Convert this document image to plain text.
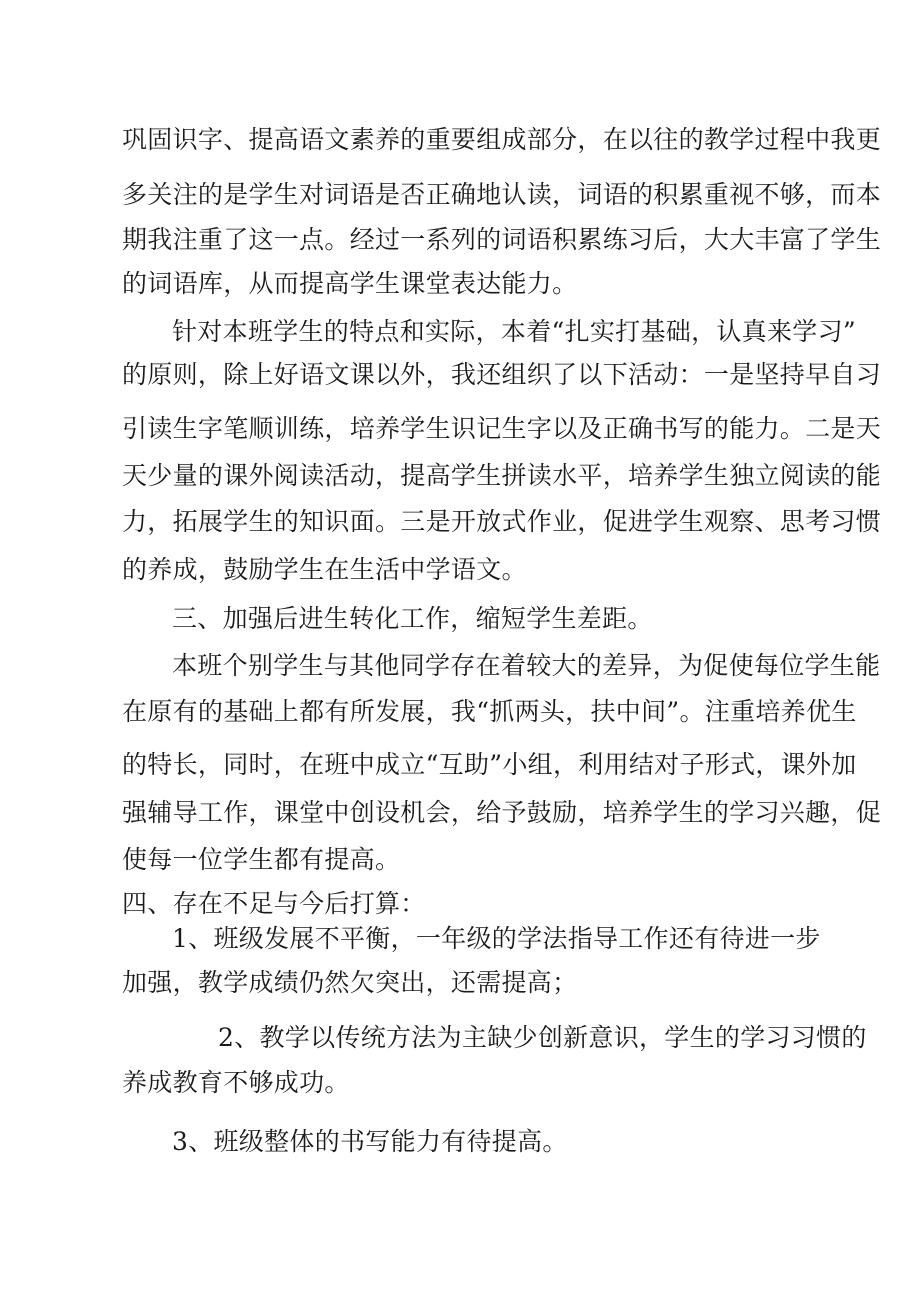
巩固识字、提高语文素养的重要组成部分，在以往的教学过程中我更
多关注的是学生对词语是否正确地认读，词语的积累重视不够，而本
期我注重了这一点。经过一系列的词语积累练习后，大大丰富了学生
的词语库，从而提高学生课堂表达能力。
针对本班学生的特点和实际，本着“扎实打基础，认真来学习”
的原则，除上好语文课以外，我还组织了以下活动：一是坚持早自习
引读生字笔顺训练，培养学生识记生字以及正确书写的能力。二是天
天少量的课外阅读活动，提高学生拼读水平，培养学生独立阅读的能
力，拓展学生的知识面。三是开放式作业，促进学生观察、思考习惯
的养成，鼓励学生在生活中学语文。
三、加强后进生转化工作，缩短学生差距。
本班个别学生与其他同学存在着较大的差异，为促使每位学生能
在原有的基础上都有所发展，我“抓两头，扶中间”。注重培养优生
的特长，同时，在班中成立“互助”小组，利用结对子形式，课外加
强辅导工作，课堂中创设机会，给予鼓励，培养学生的学习兴趣，促
使每一位学生都有提高。
四、存在不足与今后打算：
1、班级发展不平衡，一年级的学法指导工作还有待进一步
加强，教学成绩仍然欠突出，还需提高；
2、教学以传统方法为主缺少创新意识，学生的学习习惯的
养成教育不够成功。
3、班级整体的书写能力有待提高。
